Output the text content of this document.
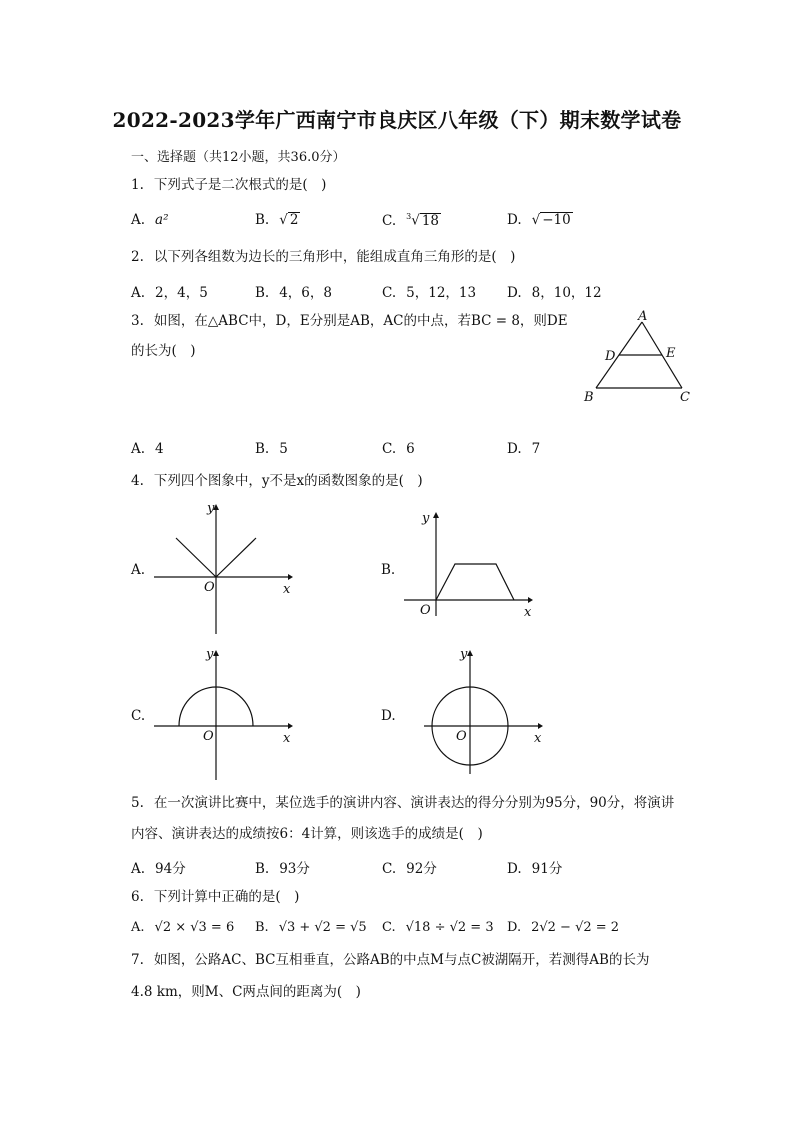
2022-2023学年广西南宁市良庆区八年级（下）期末数学试卷
一、选择题（共12小题，共36.0分）
1. 下列式子是二次根式的是(　)
A. a²	B. √ 2	C. $^3$√ 18	D. √ −10
2. 以下列各组数为边长的三角形中，能组成直角三角形的是(　)
A. 2，4，5	B. 4，6，8	C. 5，12，13 D. 8，10，12
3. 如图，在△ABC中，D，E分别是AB，AC的中点，若BC = 8，则DE
的长为(　)
A
B	C
D	E
A. 4	B. 5	C. 6	D. 7
4. 下列四个图象中，y不是x的函数图象的是(　)
A.
O	x
y
B.
O	x
y
C.
O	x
y
D.
O	x
y
5. 在一次演讲比赛中，某位选手的演讲内容、演讲表达的得分分别为95分，90分，将演讲
内容、演讲表达的成绩按6：4计算，则该选手的成绩是(　)
A. 94分	B. 93分	C. 92分	D. 91分
6. 下列计算中正确的是(　)
A. √2 × √3 = 6 B. √3 + √2 = √5 C. √18 ÷ √2 = 3 D. 2√2 − √2 = 2
7. 如图，公路AC、BC互相垂直，公路AB的中点M与点C被湖隔开，若测得AB的长为
4.8 km，则M、C两点间的距离为(　)
